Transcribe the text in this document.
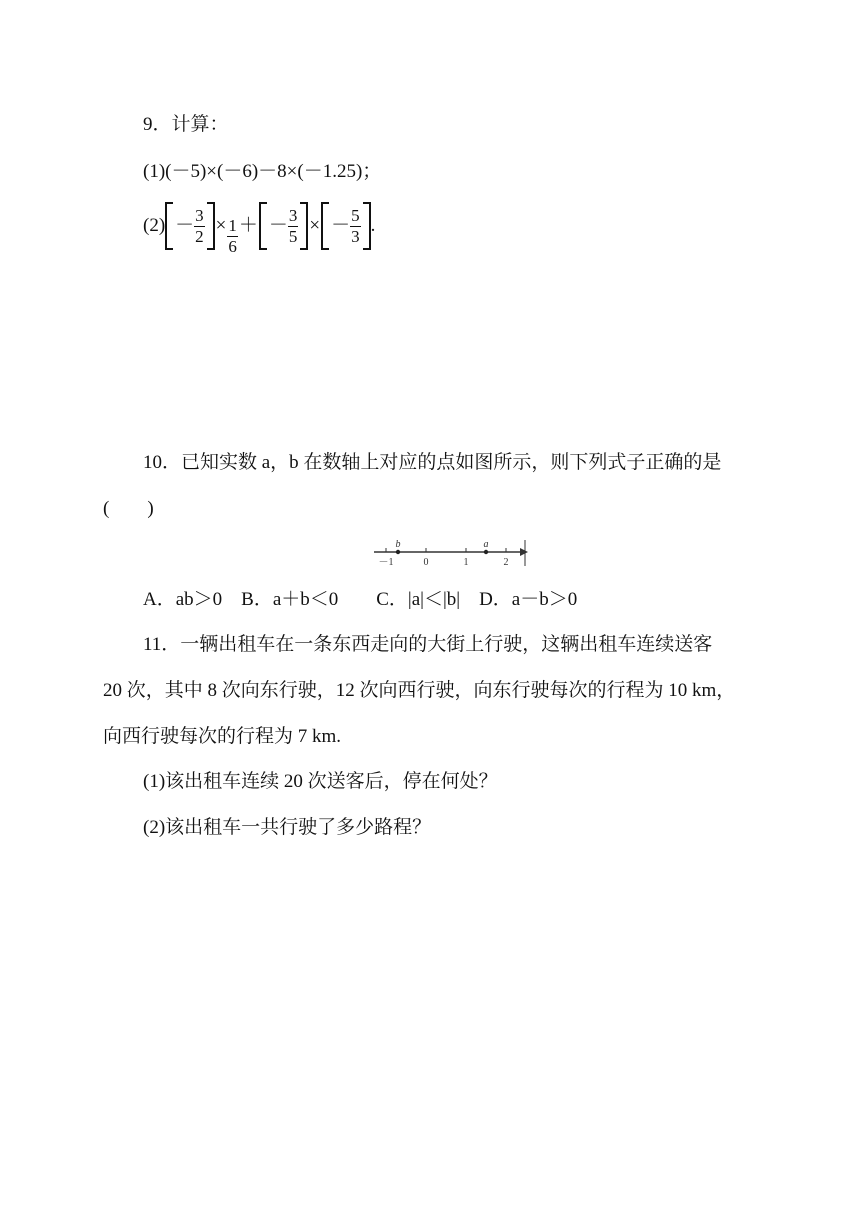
9．计算：
(1)(－5)×(－6)－8×(－1.25)；
$(2) - \frac{3}{2} \times \frac{1}{6}$ ＋ － $\frac{3}{5}$ × － $\frac{5}{3}$ .
10．已知实数 a，b 在数轴上对应的点如图所示，则下列式子正确的是
(　　)
－1	0	1	2
b	a
A．ab＞0　B．a＋b＜0　　C．|a|＜|b|　D．a－b＞0
11．一辆出租车在一条东西走向的大街上行驶，这辆出租车连续送客
20 次，其中 8 次向东行驶，12 次向西行驶，向东行驶每次的行程为 10 km，
向西行驶每次的行程为 7 km.
(1)该出租车连续 20 次送客后，停在何处？
(2)该出租车一共行驶了多少路程？
